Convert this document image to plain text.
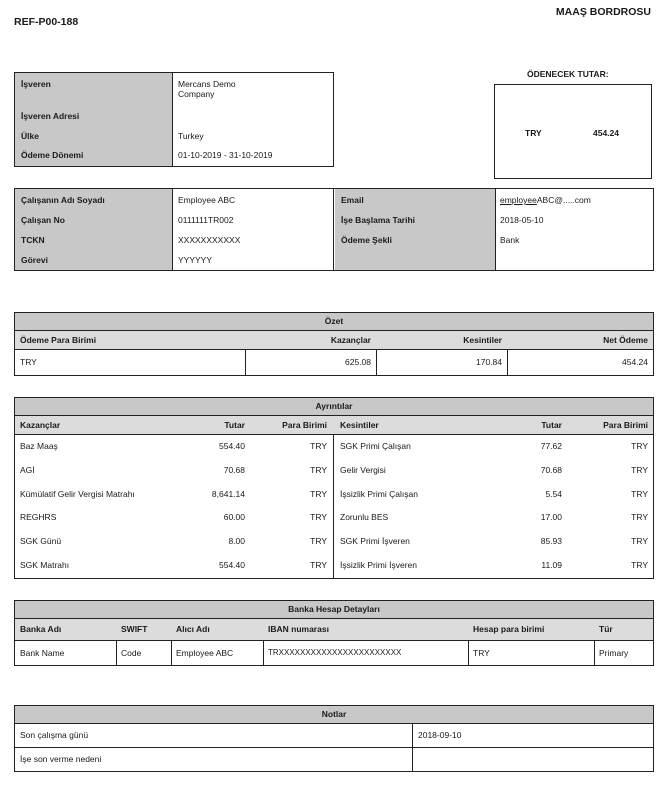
REF-P00-188
MAAŞ BORDROSU
İşveren	Mercans Demo
Company
İşveren Adresi
Ülke	Turkey
Ödeme Dönemi	01-10-2019 - 31-10-2019
ÖDENECEK TUTAR:
TRY	454.24
Çalışanın Adı Soyadı	Employee ABC
Çalışan No	0111111TR002
TCKN	XXXXXXXXXXX
Görevi	YYYYYY
Email	employeeABC@.....com
İşe Başlama Tarihi	2018-05-10
Ödeme Şekli	Bank
Özet
Ödeme Para Birimi	Kazançlar	Kesintiler	Net Ödeme
TRY	625.08	170.84	454.24
Ayrıntılar
Kazançlar	Tutar	Para Birimi	Kesintiler	Tutar	Para Birimi
Baz Maaş	554.40	TRY	SGK Primi Çalışan	77.62	TRY
AGİ	70.68	TRY	Gelir Vergisi	70.68	TRY
Kümülatif Gelir Vergisi Matrahı	8,641.14	TRY	İşsizlik Primi Çalışan	5.54	TRY
REGHRS	60.00	TRY	Zorunlu BES	17.00	TRY
SGK Günü	8.00	TRY	SGK Primi İşveren	85.93	TRY
SGK Matrahı	554.40	TRY	İşsizlik Primi İşveren	11.09	TRY
Banka Hesap Detayları
Banka Adı	SWIFT	Alıcı Adı	IBAN numarası	Hesap para birimi	Tür
Bank Name	Code	Employee ABC	TRXXXXXXXXXXXXXXXXXXXXXXX	TRY	Primary
Notlar
Son çalışma günü	2018-09-10
İşe son verme nedeni
